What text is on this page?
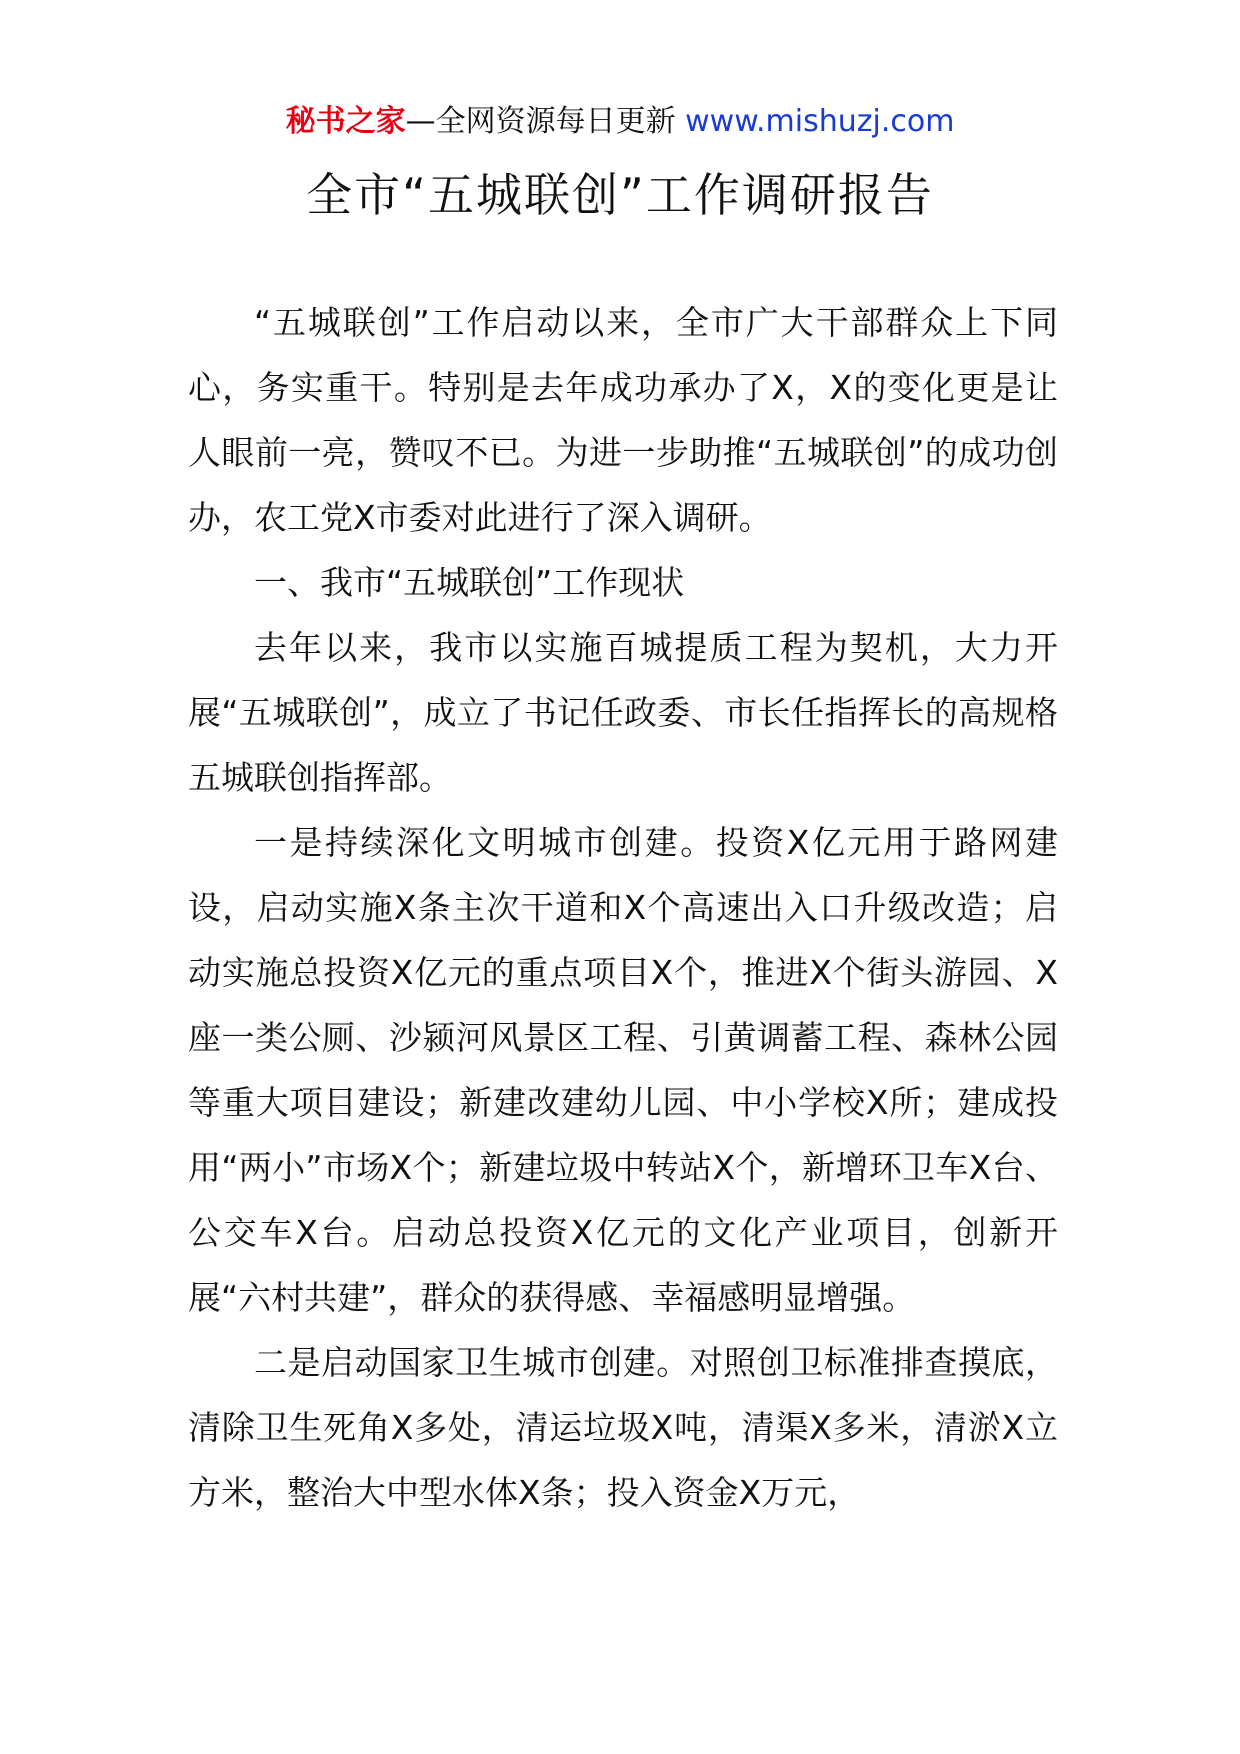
秘书之家—全网资源每日更新 www.mishuzj.com
全市“五城联创”工作调研报告

“五城联创”工作启动以来，全市广大干部群众上下同心，务实重干。特别是去年成功承办了X，X的变化更是让人眼前一亮，赞叹不已。为进一步助推“五城联创”的成功创办，农工党X市委对此进行了深入调研。

一、我市“五城联创”工作现状

去年以来，我市以实施百城提质工程为契机，大力开展“五城联创”，成立了书记任政委、市长任指挥长的高规格五城联创指挥部。

一是持续深化文明城市创建。投资X亿元用于路网建设，启动实施X条主次干道和X个高速出入口升级改造；启动实施总投资X亿元的重点项目X个，推进X个街头游园、X座一类公厕、沙颍河风景区工程、引黄调蓄工程、森林公园等重大项目建设；新建改建幼儿园、中小学校X所；建成投用“两小”市场X个；新建垃圾中转站X个，新增环卫车X台、公交车X台。启动总投资X亿元的文化产业项目，创新开展“六村共建”，群众的获得感、幸福感明显增强。

二是启动国家卫生城市创建。对照创卫标准排查摸底，清除卫生死角X多处，清运垃圾X吨，清渠X多米，清淤X立方米，整治大中型水体X条；投入资金X万元，
